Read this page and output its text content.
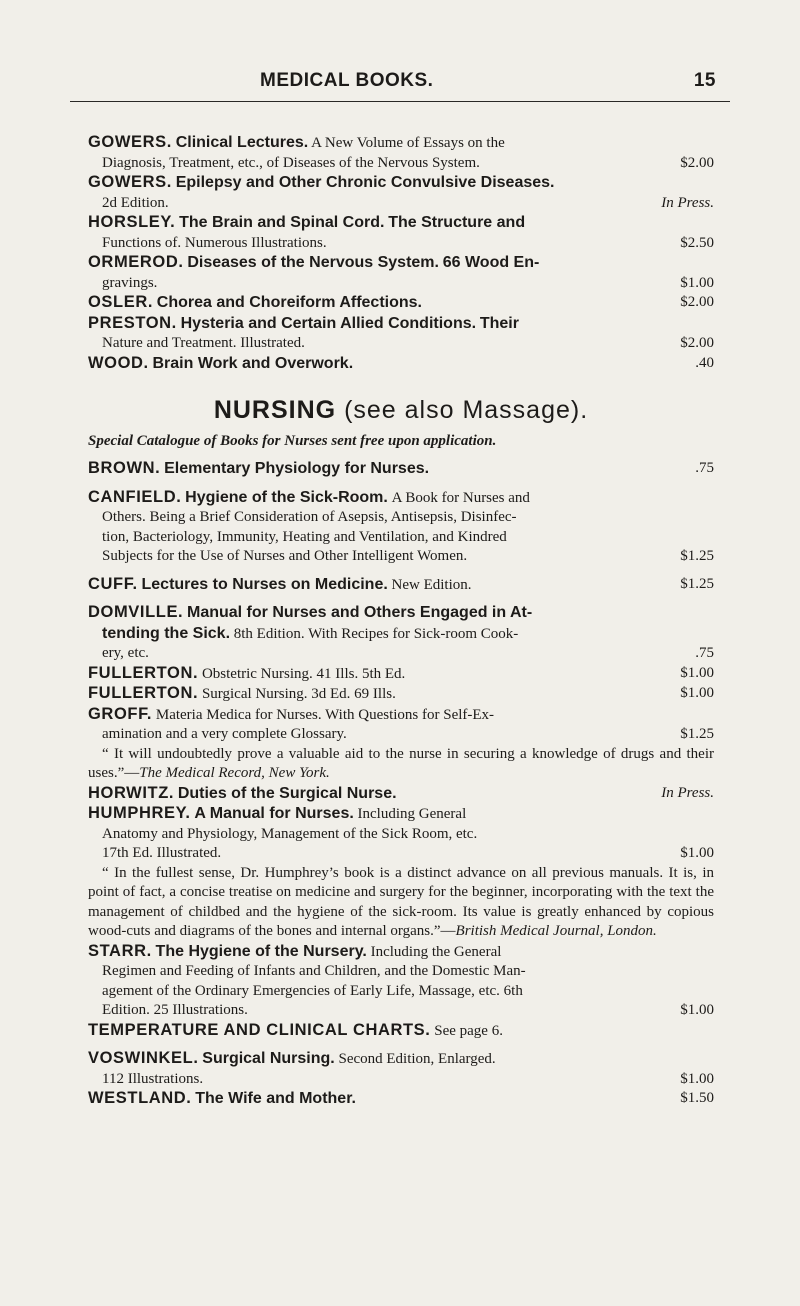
MEDICAL BOOKS.	15
GOWERS. Clinical Lectures. A New Volume of Essays on the
Diagnosis, Treatment, etc., of Diseases of the Nervous System.	$2.00
GOWERS. Epilepsy and Other Chronic Convulsive Diseases.
2d Edition.	In Press.
HORSLEY. The Brain and Spinal Cord. The Structure and
Functions of. Numerous Illustrations.	$2.50
ORMEROD. Diseases of the Nervous System. 66 Wood En-
gravings.	$1.00
OSLER. Chorea and Choreiform Affections.	$2.00
PRESTON. Hysteria and Certain Allied Conditions. Their
Nature and Treatment. Illustrated.	$2.00
WOOD. Brain Work and Overwork.	.40
NURSING (see also Massage).
Special Catalogue of Books for Nurses sent free upon application.
BROWN. Elementary Physiology for Nurses.	.75
CANFIELD. Hygiene of the Sick-Room. A Book for Nurses and
Others. Being a Brief Consideration of Asepsis, Antisepsis, Disinfec-
tion, Bacteriology, Immunity, Heating and Ventilation, and Kindred
Subjects for the Use of Nurses and Other Intelligent Women.	$1.25
CUFF. Lectures to Nurses on Medicine. New Edition.	$1.25
DOMVILLE. Manual for Nurses and Others Engaged in At-
tending the Sick. 8th Edition. With Recipes for Sick-room Cook-
ery, etc.	.75
FULLERTON. Obstetric Nursing. 41 Ills. 5th Ed.	$1.00
FULLERTON. Surgical Nursing. 3d Ed. 69 Ills.	$1.00
GROFF. Materia Medica for Nurses. With Questions for Self-Ex-
amination and a very complete Glossary.	$1.25

“ It will undoubtedly prove a valuable aid to the nurse in securing a knowledge of drugs and their uses.”—The Medical Record, New York.

HORWITZ. Duties of the Surgical Nurse.	In Press.
HUMPHREY. A Manual for Nurses. Including General
Anatomy and Physiology, Management of the Sick Room, etc.
17th Ed. Illustrated.	$1.00

“ In the fullest sense, Dr. Humphrey’s book is a distinct advance on all previous manuals. It is, in point of fact, a concise treatise on medicine and surgery for the beginner, incorporating with the text the management of childbed and the hygiene of the sick-room. Its value is greatly enhanced by copious wood-cuts and diagrams of the bones and internal organs.”—British Medical Journal, London.

STARR. The Hygiene of the Nursery. Including the General
Regimen and Feeding of Infants and Children, and the Domestic Man-
agement of the Ordinary Emergencies of Early Life, Massage, etc. 6th
Edition. 25 Illustrations.	$1.00
TEMPERATURE AND CLINICAL CHARTS. See page 6.
VOSWINKEL. Surgical Nursing. Second Edition, Enlarged.
112 Illustrations.	$1.00
WESTLAND. The Wife and Mother.	$1.50
